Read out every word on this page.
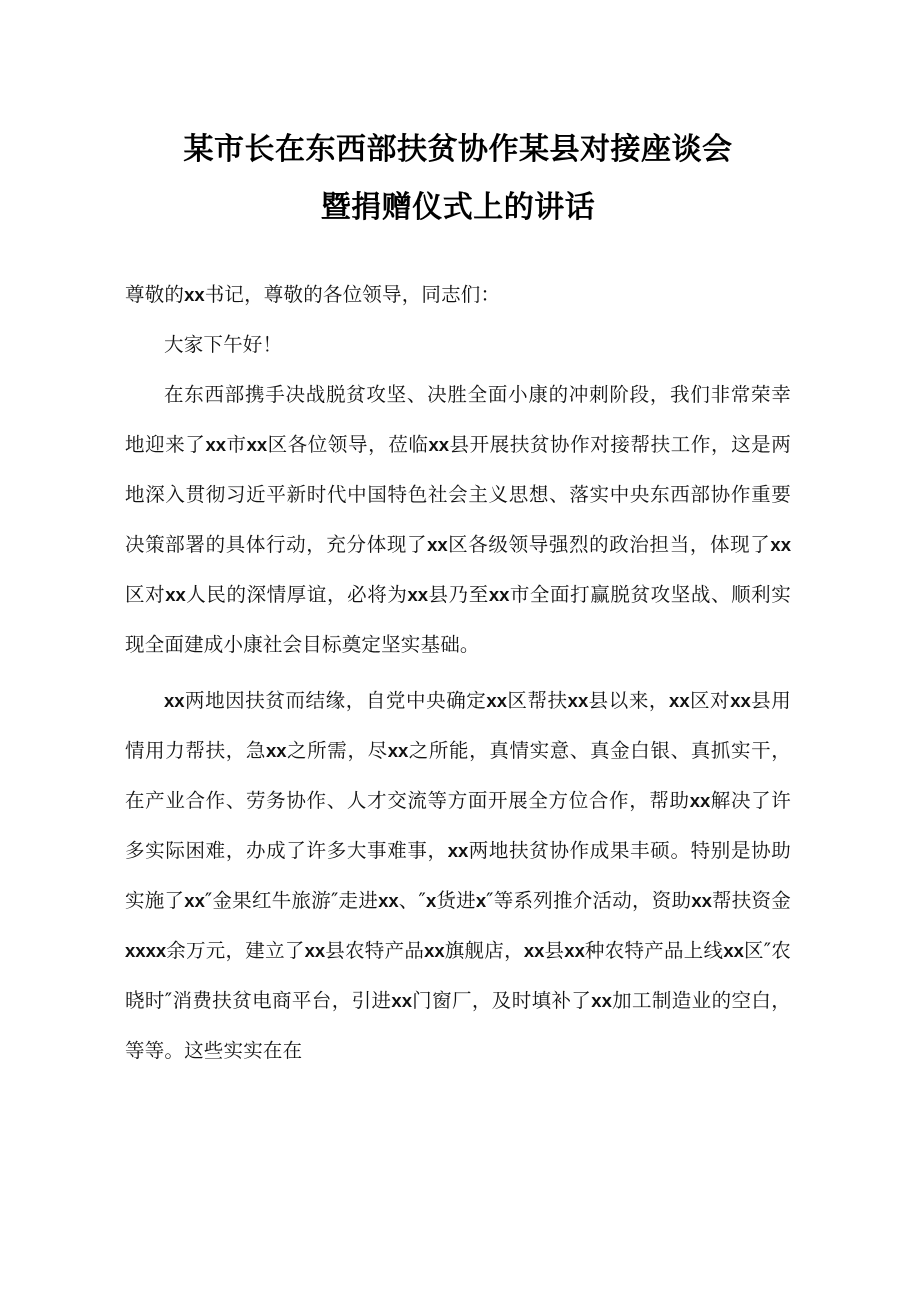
某市长在东西部扶贫协作某县对接座谈会
暨捐赠仪式上的讲话

尊敬的xx书记，尊敬的各位领导，同志们：

大家下午好！

在东西部携手决战脱贫攻坚、决胜全面小康的冲刺阶段，我们非常荣幸地迎来了xx市xx区各位领导，莅临xx县开展扶贫协作对接帮扶工作，这是两地深入贯彻习近平新时代中国特色社会主义思想、落实中央东西部协作重要决策部署的具体行动，充分体现了xx区各级领导强烈的政治担当，体现了xx区对xx人民的深情厚谊，必将为xx县乃至xx市全面打赢脱贫攻坚战、顺利实现全面建成小康社会目标奠定坚实基础。

xx两地因扶贫而结缘，自党中央确定xx区帮扶xx县以来，xx区对xx县用情用力帮扶，急xx之所需，尽xx之所能，真情实意、真金白银、真抓实干，在产业合作、劳务协作、人才交流等方面开展全方位合作，帮助xx解决了许多实际困难，办成了许多大事难事，xx两地扶贫协作成果丰硕。特别是协助实施了xx″金果红牛旅游″走进xx、″x货进x″等系列推介活动，资助xx帮扶资金xxxx余万元，建立了xx县农特产品xx旗舰店，xx县xx种农特产品上线xx区″农晓时″消费扶贫电商平台，引进xx门窗厂，及时填补了xx加工制造业的空白，等等。这些实实在在
